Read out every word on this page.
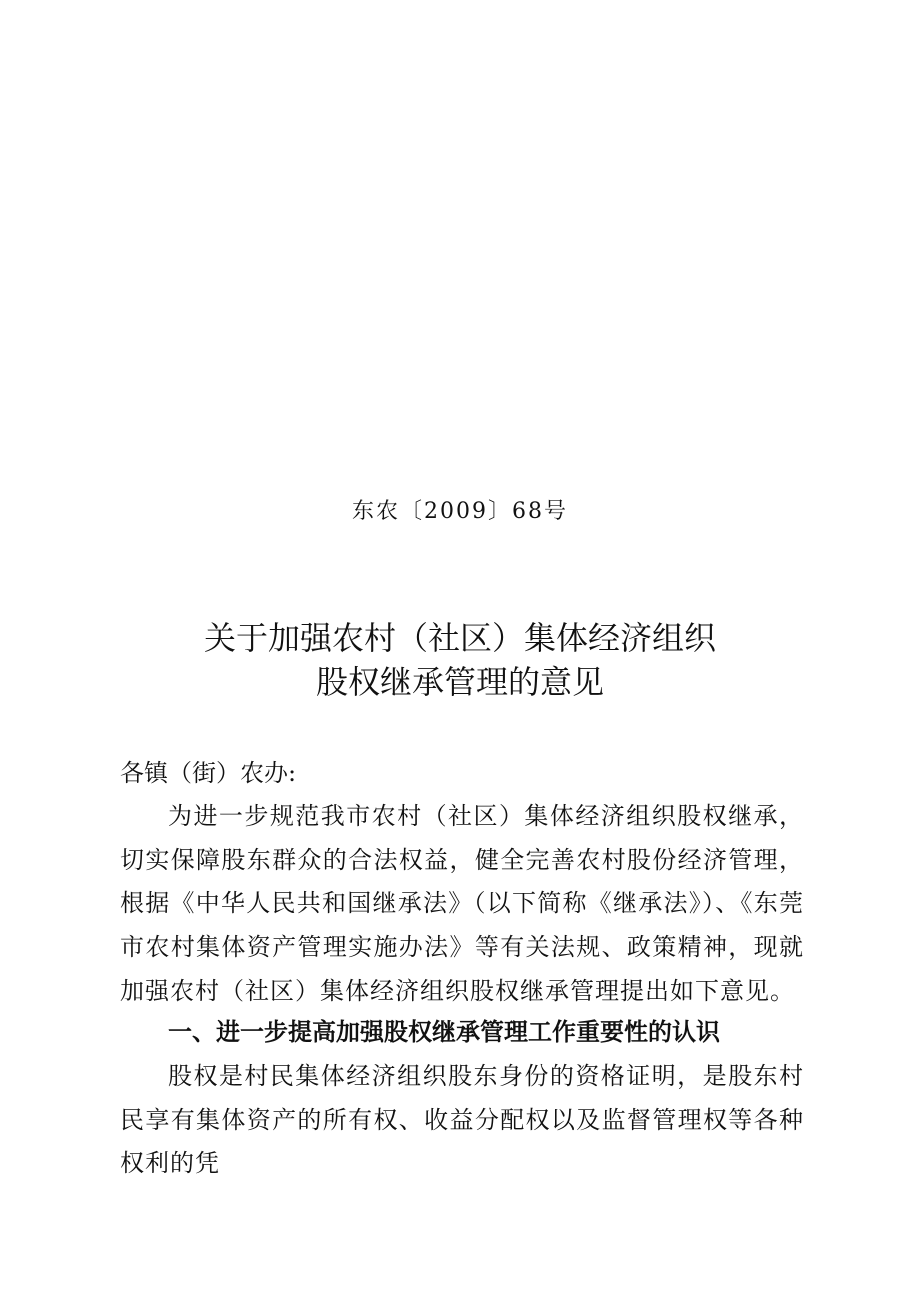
东农〔2009〕68号
关于加强农村（社区）集体经济组织
股权继承管理的意见
各镇（街）农办:
为进一步规范我市农村（社区）集体经济组织股权继承，切实保障股东群众的合法权益，健全完善农村股份经济管理，根据《中华人民共和国继承法》（以下简称《继承法》）、《东莞市农村集体资产管理实施办法》等有关法规、政策精神，现就加强农村（社区）集体经济组织股权继承管理提出如下意见。
一、进一步提高加强股权继承管理工作重要性的认识
股权是村民集体经济组织股东身份的资格证明，是股东村民享有集体资产的所有权、收益分配权以及监督管理权等各种权利的凭
